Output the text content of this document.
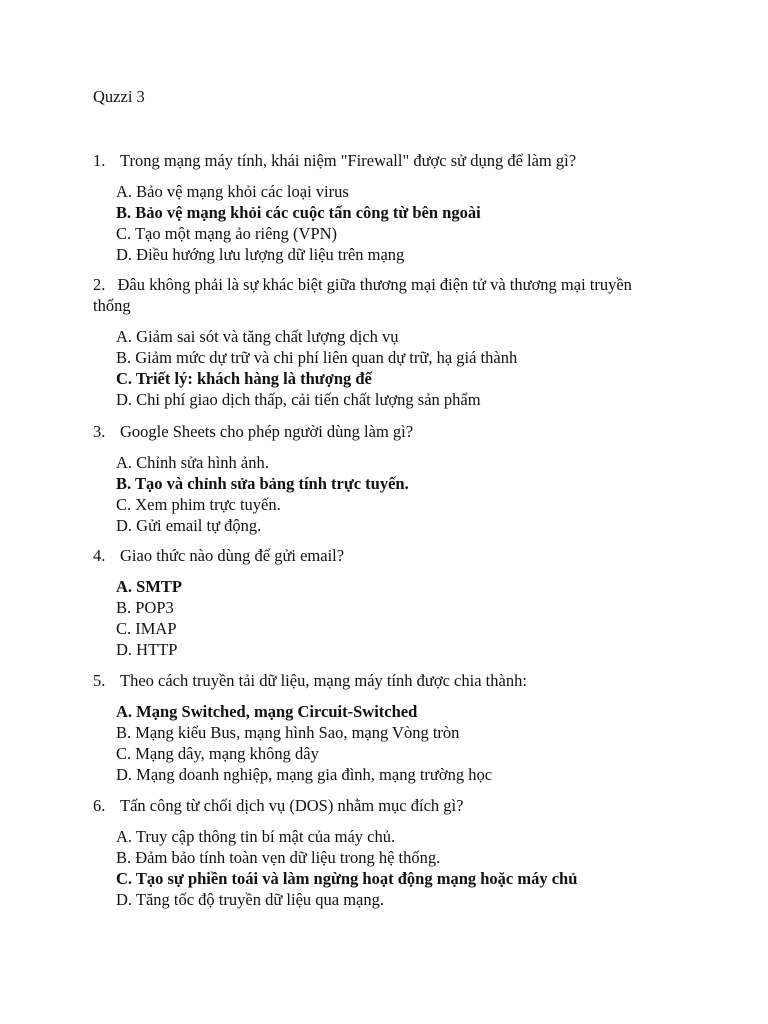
Quzzi 3
1. Trong mạng máy tính, khái niệm "Firewall" được sử dụng để làm gì?
A. Bảo vệ mạng khỏi các loại virus
B. Bảo vệ mạng khỏi các cuộc tấn công từ bên ngoài
C. Tạo một mạng ảo riêng (VPN)
D. Điều hướng lưu lượng dữ liệu trên mạng
2. Đâu không phải là sự khác biệt giữa thương mại điện tử và thương mại truyền thống
A. Giảm sai sót và tăng chất lượng dịch vụ
B. Giảm mức dự trữ và chi phí liên quan dự trữ, hạ giá thành
C. Triết lý: khách hàng là thượng đế
D. Chi phí giao dịch thấp, cải tiến chất lượng sản phẩm
3. Google Sheets cho phép người dùng làm gì?
A. Chỉnh sửa hình ảnh.
B. Tạo và chỉnh sửa bảng tính trực tuyến.
C. Xem phim trực tuyến.
D. Gửi email tự động.
4. Giao thức nào dùng để gửi email?
A. SMTP
B. POP3
C. IMAP
D. HTTP
5. Theo cách truyền tải dữ liệu, mạng máy tính được chia thành:
A. Mạng Switched, mạng Circuit-Switched
B. Mạng kiểu Bus, mạng hình Sao, mạng Vòng tròn
C. Mạng dây, mạng không dây
D. Mạng doanh nghiệp, mạng gia đình, mạng trường học
6. Tấn công từ chối dịch vụ (DOS) nhằm mục đích gì?
A. Truy cập thông tin bí mật của máy chủ.
B. Đảm bảo tính toàn vẹn dữ liệu trong hệ thống.
C. Tạo sự phiền toái và làm ngừng hoạt động mạng hoặc máy chủ
D. Tăng tốc độ truyền dữ liệu qua mạng.
